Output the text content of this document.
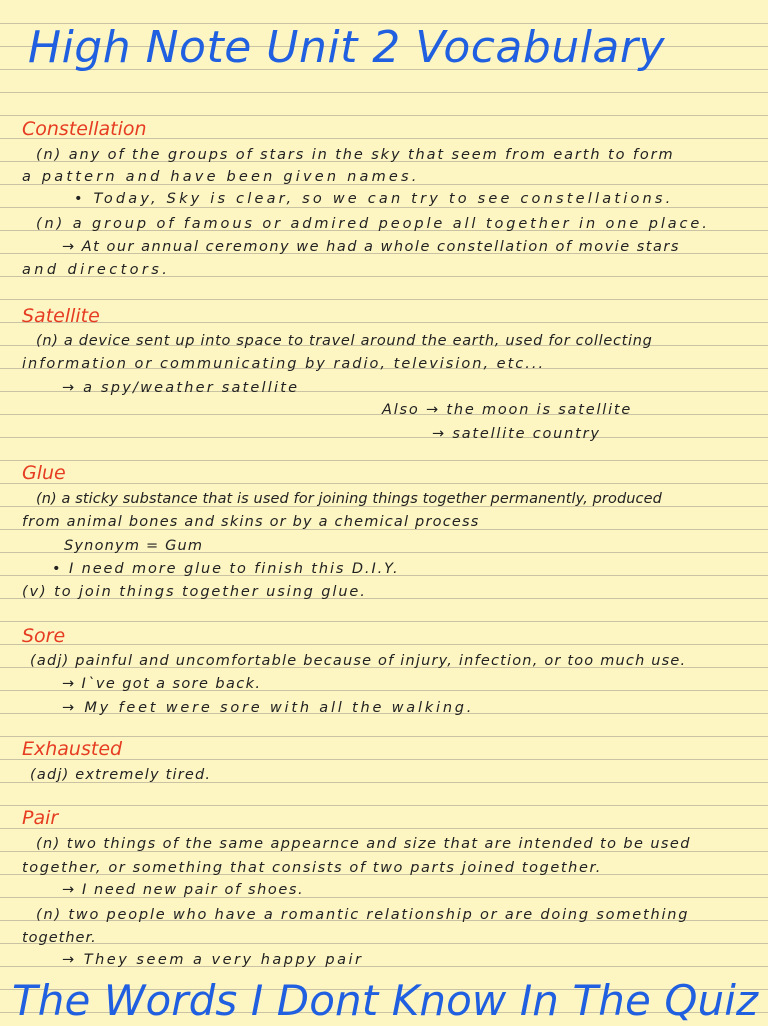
High Note Unit 2 Vocabulary
Constellation
(n) any of the groups of stars in the sky that seem from earth to form
a pattern and have been given names.
• Today, Sky is clear, so we can try to see constellations.
(n) a group of famous or admired people all together in one place.
→ At our annual ceremony we had a whole constellation of movie stars
and directors.
Satellite
(n) a device sent up into space to travel around the earth, used for collecting
information or communicating by radio, television, etc...
→ a spy/weather satellite
Also → the moon is satellite
→ satellite country
Glue
(n) a sticky substance that is used for joining things together permanently, produced
from animal bones and skins or by a chemical process
Synonym = Gum
• I need more glue to finish this D.I.Y.
(v) to join things together using glue.
Sore
(adj) painful and uncomfortable because of injury, infection, or too much use.
→ I`ve got a sore back.
→ My feet were sore with all the walking.
Exhausted
(adj) extremely tired.
Pair
(n) two things of the same appearnce and size that are intended to be used
together, or something that consists of two parts joined together.
→ I need new pair of shoes.
(n) two people who have a romantic relationship or are doing something
together.
→ They seem a very happy pair
The Words I Dont Know In The Quiz
